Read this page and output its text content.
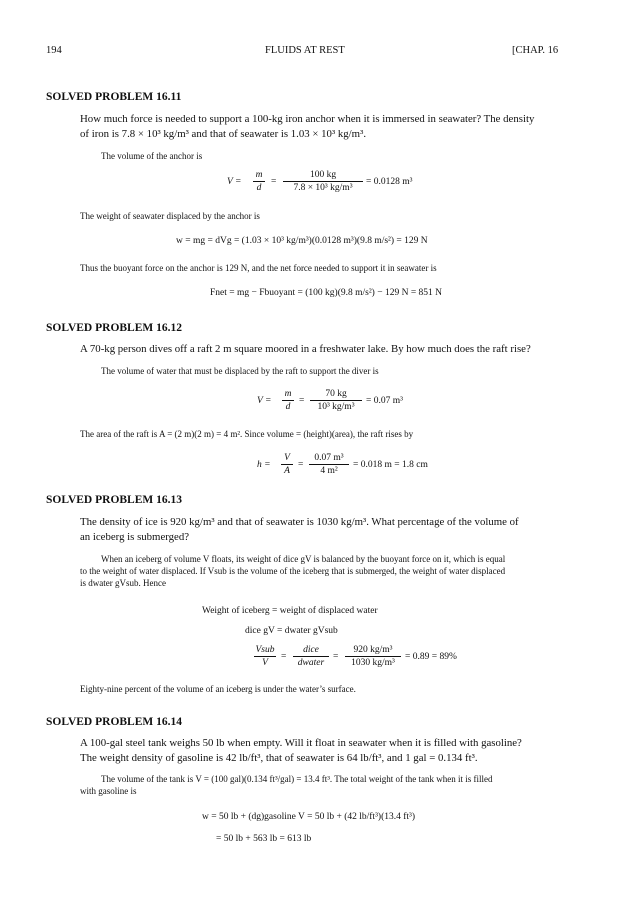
194	FLUIDS AT REST	[CHAP. 16
SOLVED PROBLEM 16.11
How much force is needed to support a 100-kg iron anchor when it is immersed in seawater? The density
of iron is 7.8 × 10³ kg/m³ and that of seawater is 1.03 × 10³ kg/m³.
The volume of the anchor is
V =
m
d
=
100 kg
7.8 × 10³ kg/m³
= 0.0128 m³
The weight of seawater displaced by the anchor is
w = mg = dVg = (1.03 × 10³ kg/m³)(0.0128 m³)(9.8 m/s²) = 129 N
Thus the buoyant force on the anchor is 129 N, and the net force needed to support it in seawater is
Fnet = mg − Fbuoyant = (100 kg)(9.8 m/s²) − 129 N = 851 N
SOLVED PROBLEM 16.12
A 70-kg person dives off a raft 2 m square moored in a freshwater lake. By how much does the raft rise?
The volume of water that must be displaced by the raft to support the diver is
V =
m
d
=
70 kg
10³ kg/m³
= 0.07 m³
The area of the raft is A = (2 m)(2 m) = 4 m². Since volume = (height)(area), the raft rises by
h =
V
A
=
0.07 m³
4 m²
= 0.018 m = 1.8 cm
SOLVED PROBLEM 16.13
The density of ice is 920 kg/m³ and that of seawater is 1030 kg/m³. What percentage of the volume of
an iceberg is submerged?
When an iceberg of volume V floats, its weight of dice gV is balanced by the buoyant force on it, which is equal
to the weight of water displaced. If Vsub is the volume of the iceberg that is submerged, the weight of water displaced
is dwater gVsub. Hence
Weight of iceberg = weight of displaced water
dice gV = dwater gVsub
Vsub
V
=
dice
dwater
=
920 kg/m³
1030 kg/m³
= 0.89 = 89%
Eighty-nine percent of the volume of an iceberg is under the water’s surface.
SOLVED PROBLEM 16.14
A 100-gal steel tank weighs 50 lb when empty. Will it float in seawater when it is filled with gasoline?
The weight density of gasoline is 42 lb/ft³, that of seawater is 64 lb/ft³, and 1 gal = 0.134 ft³.
The volume of the tank is V = (100 gal)(0.134 ft³/gal) = 13.4 ft³. The total weight of the tank when it is filled
with gasoline is
w = 50 lb + (dg)gasoline V = 50 lb + (42 lb/ft³)(13.4 ft³)
= 50 lb + 563 lb = 613 lb
